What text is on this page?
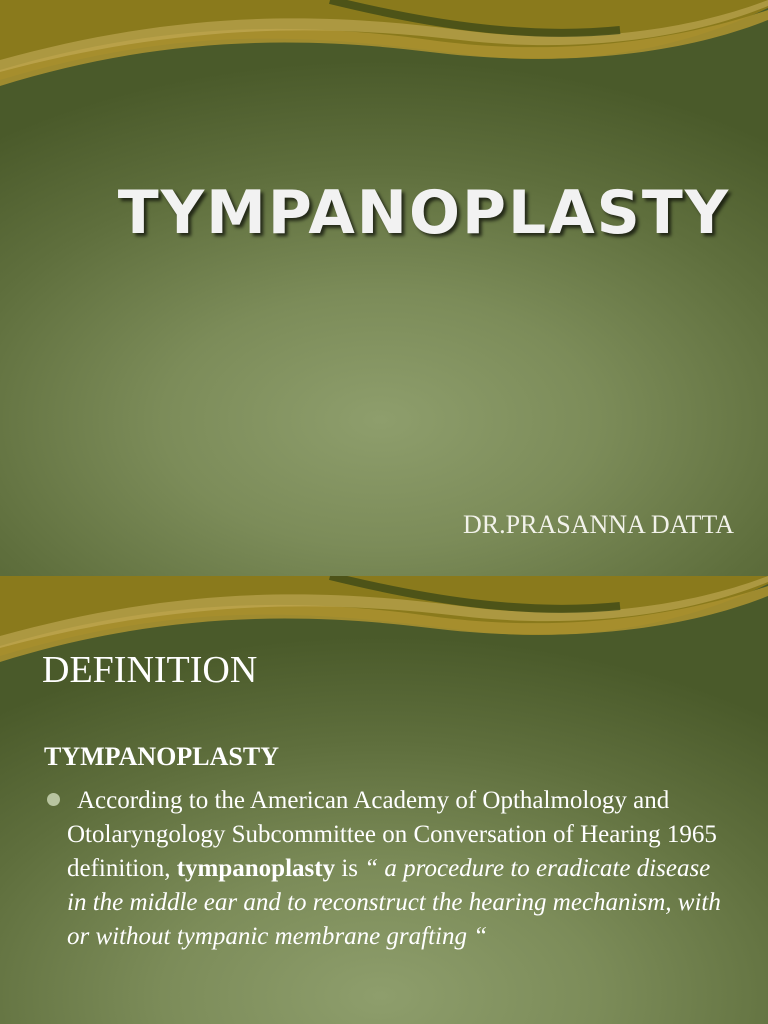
TYMPANOPLASTY
DR.PRASANNA DATTA
DEFINITION
TYMPANOPLASTY

According to the American Academy of Opthalmology and Otolaryngology Subcommittee on Conversation of Hearing 1965 definition, tympanoplasty is “ a procedure to eradicate disease in the middle ear and to reconstruct the hearing mechanism, with or without tympanic membrane grafting “
